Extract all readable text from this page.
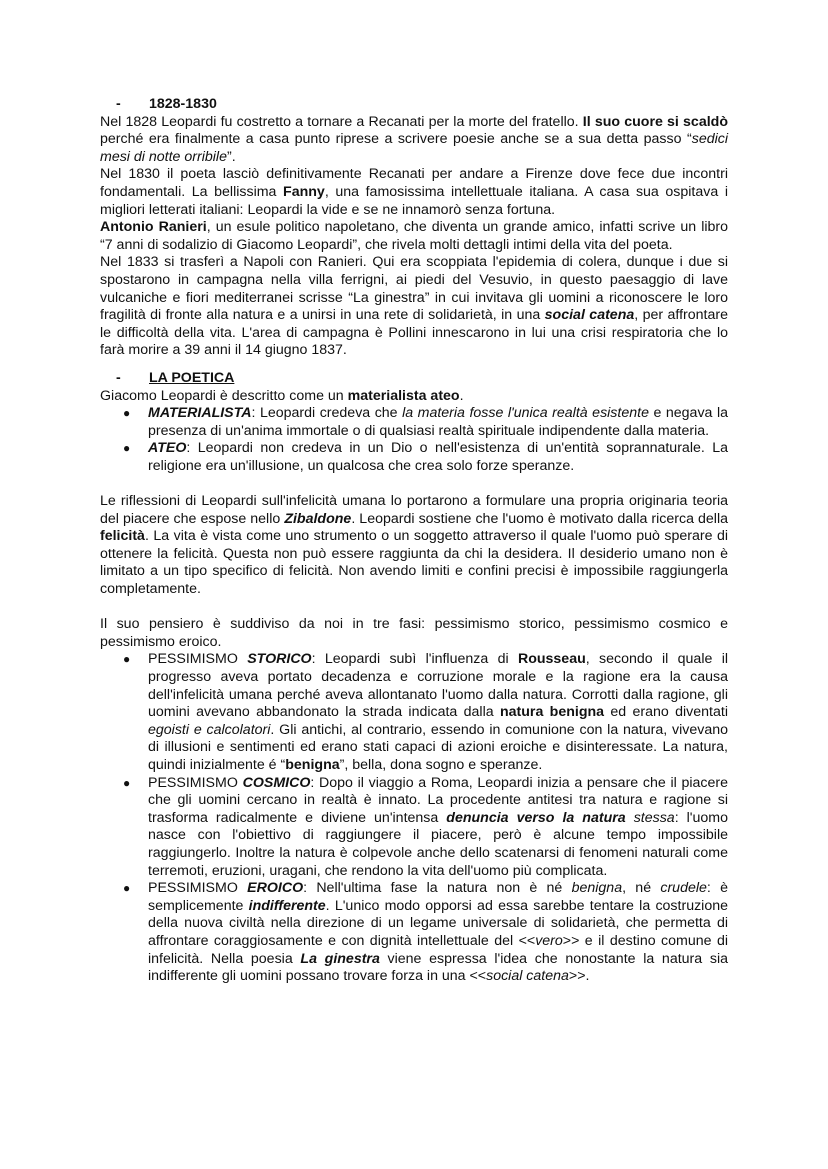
- 1828-1830

Nel 1828 Leopardi fu costretto a tornare a Recanati per la morte del fratello. Il suo cuore si scaldò perché era finalmente a casa punto riprese a scrivere poesie anche se a sua detta passo “sedici mesi di notte orribile”.

Nel 1830 il poeta lasciò definitivamente Recanati per andare a Firenze dove fece due incontri fondamentali. La bellissima Fanny, una famosissima intellettuale italiana. A casa sua ospitava i migliori letterati italiani: Leopardi la vide e se ne innamorò senza fortuna.

Antonio Ranieri, un esule politico napoletano, che diventa un grande amico, infatti scrive un libro “7 anni di sodalizio di Giacomo Leopardi”, che rivela molti dettagli intimi della vita del poeta.

Nel 1833 si trasferì a Napoli con Ranieri. Qui era scoppiata l'epidemia di colera, dunque i due si spostarono in campagna nella villa ferrigni, ai piedi del Vesuvio, in questo paesaggio di lave vulcaniche e fiori mediterranei scrisse “La ginestra” in cui invitava gli uomini a riconoscere le loro fragilità di fronte alla natura e a unirsi in una rete di solidarietà, in una social catena, per affrontare le difficoltà della vita. L'area di campagna è Pollini innescarono in lui una crisi respiratoria che lo farà morire a 39 anni il 14 giugno 1837.

- LA POETICA

Giacomo Leopardi è descritto come un materialista ateo.

● MATERIALISTA: Leopardi credeva che la materia fosse l'unica realtà esistente e negava la presenza di un'anima immortale o di qualsiasi realtà spirituale indipendente dalla materia.
● ATEO: Leopardi non credeva in un Dio o nell'esistenza di un'entità soprannaturale. La religione era un'illusione, un qualcosa che crea solo forze speranze.

Le riflessioni di Leopardi sull'infelicità umana lo portarono a formulare una propria originaria teoria del piacere che espose nello Zibaldone. Leopardi sostiene che l'uomo è motivato dalla ricerca della felicità. La vita è vista come uno strumento o un soggetto attraverso il quale l'uomo può sperare di ottenere la felicità. Questa non può essere raggiunta da chi la desidera. Il desiderio umano non è limitato a un tipo specifico di felicità. Non avendo limiti e confini precisi è impossibile raggiungerla completamente.

Il suo pensiero è suddiviso da noi in tre fasi: pessimismo storico, pessimismo cosmico e pessimismo eroico.

● PESSIMISMO STORICO: Leopardi subì l'influenza di Rousseau, secondo il quale il progresso aveva portato decadenza e corruzione morale e la ragione era la causa dell'infelicità umana perché aveva allontanato l'uomo dalla natura. Corrotti dalla ragione, gli uomini avevano abbandonato la strada indicata dalla natura benigna ed erano diventati egoisti e calcolatori. Gli antichi, al contrario, essendo in comunione con la natura, vivevano di illusioni e sentimenti ed erano stati capaci di azioni eroiche e disinteressate. La natura, quindi inizialmente é “benigna”, bella, dona sogno e speranze.
● PESSIMISMO COSMICO: Dopo il viaggio a Roma, Leopardi inizia a pensare che il piacere che gli uomini cercano in realtà è innato. La procedente antitesi tra natura e ragione si trasforma radicalmente e diviene un'intensa denuncia verso la natura stessa: l'uomo nasce con l'obiettivo di raggiungere il piacere, però è alcune tempo impossibile raggiungerlo. Inoltre la natura è colpevole anche dello scatenarsi di fenomeni naturali come terremoti, eruzioni, uragani, che rendono la vita dell'uomo più complicata.
● PESSIMISMO EROICO: Nell'ultima fase la natura non è né benigna, né crudele: è semplicemente indifferente. L'unico modo opporsi ad essa sarebbe tentare la costruzione della nuova civiltà nella direzione di un legame universale di solidarietà, che permetta di affrontare coraggiosamente e con dignità intellettuale del <<vero>> e il destino comune di infelicità. Nella poesia La ginestra viene espressa l'idea che nonostante la natura sia indifferente gli uomini possano trovare forza in una <<social catena>>.
